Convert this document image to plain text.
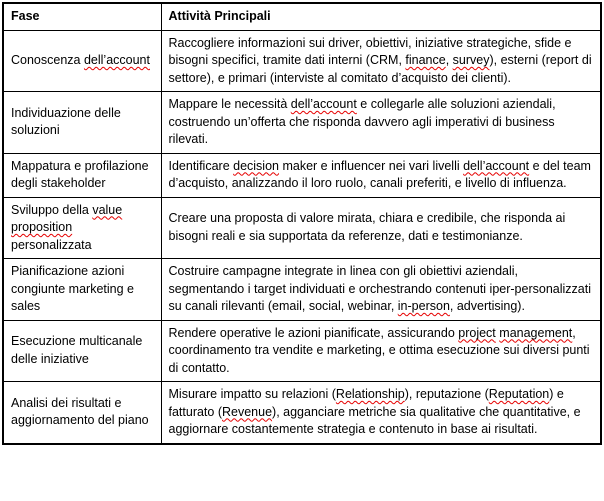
Fase	Attività Principali
Conoscenza dell’account	Raccogliere informazioni sui driver, obiettivi, iniziative strategiche, sfide e bisogni specifici, tramite dati interni (CRM, finance, survey), esterni (report di settore), e primari (interviste al comitato d’acquisto dei clienti).
Individuazione delle soluzioni	Mappare le necessità dell’account e collegarle alle soluzioni aziendali, costruendo un’offerta che risponda davvero agli imperativi di business rilevati.
Mappatura e profilazione degli stakeholder	Identificare decision maker e influencer nei vari livelli dell’account e del team d’acquisto, analizzando il loro ruolo, canali preferiti, e livello di influenza.
Sviluppo della value proposition personalizzata	Creare una proposta di valore mirata, chiara e credibile, che risponda ai bisogni reali e sia supportata da referenze, dati e testimonianze.
Pianificazione azioni congiunte marketing e sales	Costruire campagne integrate in linea con gli obiettivi aziendali, segmentando i target individuati e orchestrando contenuti iper-personalizzati su canali rilevanti (email, social, webinar, in-person, advertising).
Esecuzione multicanale delle iniziative	Rendere operative le azioni pianificate, assicurando project management, coordinamento tra vendite e marketing, e ottima esecuzione sui diversi punti di contatto.
Analisi dei risultati e aggiornamento del piano	Misurare impatto su relazioni (Relationship), reputazione (Reputation) e fatturato (Revenue), agganciare metriche sia qualitative che quantitative, e aggiornare costantemente strategia e contenuto in base ai risultati.
